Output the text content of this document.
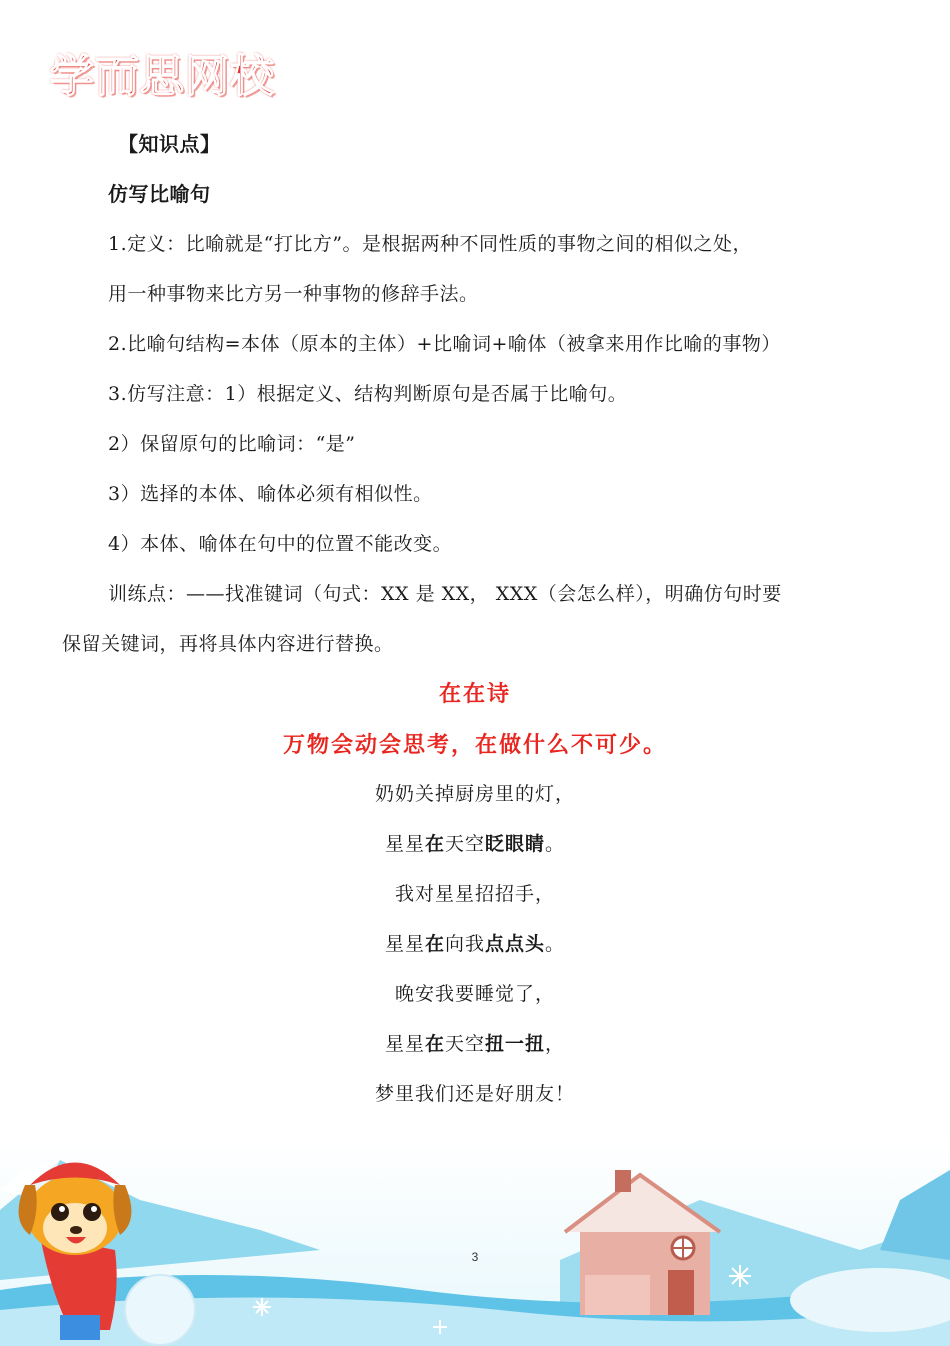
学而思网校
【知识点】
仿写比喻句
1.定义：比喻就是“打比方”。是根据两种不同性质的事物之间的相似之处，
用一种事物来比方另一种事物的修辞手法。
2.比喻句结构=本体（原本的主体）+比喻词+喻体（被拿来用作比喻的事物）
3.仿写注意：1）根据定义、结构判断原句是否属于比喻句。
2）保留原句的比喻词：“是”
3）选择的本体、喻体必须有相似性。
4）本体、喻体在句中的位置不能改变。
训练点：——找准键词（句式：XX 是 XX， XXX（会怎么样），明确仿句时要
保留关键词，再将具体内容进行替换。
在在诗
万物会动会思考，在做什么不可少。
奶奶关掉厨房里的灯，
星星在天空眨眼睛。
我对星星招招手，
星星在向我点点头。
晚安我要睡觉了，
星星在天空扭一扭，
梦里我们还是好朋友！
3
